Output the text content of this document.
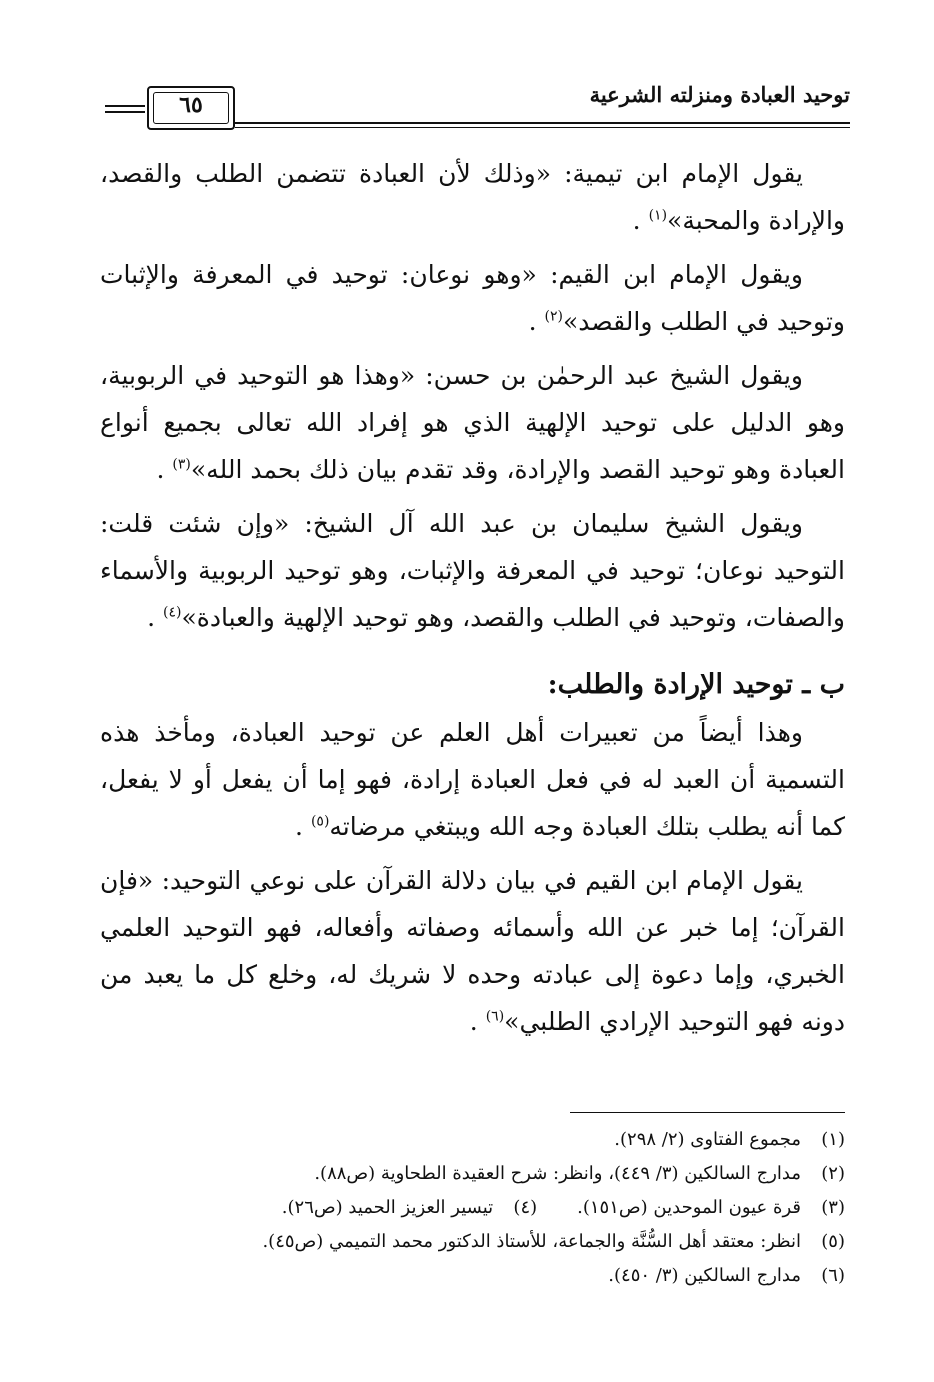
توحيد العبادة ومنزلته الشرعية
٦٥

يقول الإمام ابن تيمية: «وذلك لأن العبادة تتضمن الطلب والقصد، والإرادة والمحبة»$^{(١)}$ .

ويقول الإمام ابن القيم: «وهو نوعان: توحيد في المعرفة والإثبات وتوحيد في الطلب والقصد»$^{(٢)}$ .

ويقول الشيخ عبد الرحمٰن بن حسن: «وهذا هو التوحيد في الربوبية، وهو الدليل على توحيد الإلهية الذي هو إفراد الله تعالى بجميع أنواع العبادة وهو توحيد القصد والإرادة، وقد تقدم بيان ذلك بحمد الله»$^{(٣)}$ .

ويقول الشيخ سليمان بن عبد الله آل الشيخ: «وإن شئت قلت: التوحيد نوعان؛ توحيد في المعرفة والإثبات، وهو توحيد الربوبية والأسماء والصفات، وتوحيد في الطلب والقصد، وهو توحيد الإلهية والعبادة»$^{(٤)}$ .

ب ـ توحيد الإرادة والطلب:

وهذا أيضاً من تعبيرات أهل العلم عن توحيد العبادة، ومأخذ هذه التسمية أن العبد له في فعل العبادة إرادة، فهو إما أن يفعل أو لا يفعل، كما أنه يطلب بتلك العبادة وجه الله ويبتغي مرضاته$^{(٥)}$ .

يقول الإمام ابن القيم في بيان دلالة القرآن على نوعي التوحيد: «فإن القرآن؛ إما خبر عن الله وأسمائه وصفاته وأفعاله، فهو التوحيد العلمي الخبري، وإما دعوة إلى عبادته وحده لا شريك له، وخلع كل ما يعبد من دونه فهو التوحيد الإرادي الطلبي»$^{(٦)}$ .

(١)مجموع الفتاوى (٢/ ٢٩٨).
(٢)مدارج السالكين (٣/ ٤٤٩)، وانظر: شرح العقيدة الطحاوية (ص٨٨).
(٣)قرة عيون الموحدين (ص١٥١).(٤)تيسير العزيز الحميد (ص٢٦).
(٥)انظر: معتقد أهل السُّنَّة والجماعة، للأستاذ الدكتور محمد التميمي (ص٤٥).
(٦)مدارج السالكين (٣/ ٤٥٠).
